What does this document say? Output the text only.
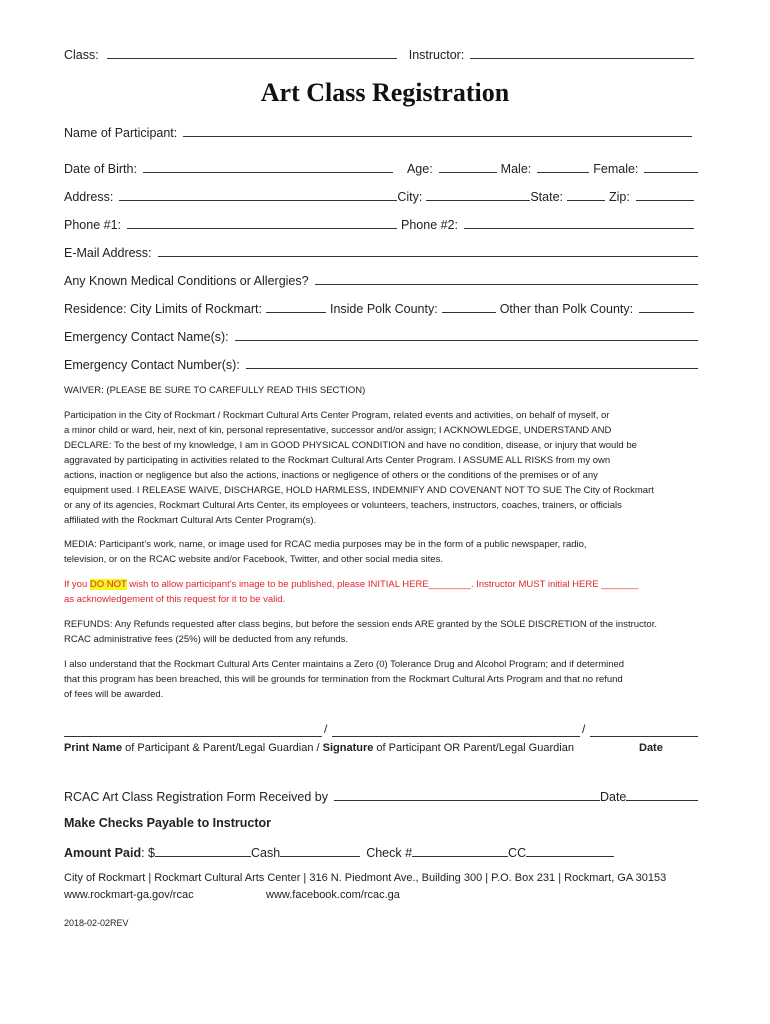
Class:	Instructor:
Art Class Registration
Name of Participant:
Date of Birth:	Age:	Male:	Female:
Address:	City:	State:	Zip:
Phone #1:	Phone #2:
E-Mail Address:
Any Known Medical Conditions or Allergies?
Residence: City Limits of Rockmart:	Inside Polk County:	Other than Polk County:
Emergency Contact Name(s):
Emergency Contact Number(s):
WAIVER: (PLEASE BE SURE TO CAREFULLY READ THIS SECTION)
Participation in the City of Rockmart / Rockmart Cultural Arts Center Program, related events and activities, on behalf of myself, or
a minor child or ward, heir, next of kin, personal representative, successor and/or assign; I ACKNOWLEDGE, UNDERSTAND AND
DECLARE: To the best of my knowledge, I am in GOOD PHYSICAL CONDITION and have no condition, disease, or injury that would be
aggravated by participating in activities related to the Rockmart Cultural Arts Center Program. I ASSUME ALL RISKS from my own
actions, inaction or negligence but also the actions, inactions or negligence of others or the conditions of the premises or of any
equipment used. I RELEASE WAIVE, DISCHARGE, HOLD HARMLESS, INDEMNIFY AND COVENANT NOT TO SUE The City of Rockmart
or any of its agencies, Rockmart Cultural Arts Center, its employees or volunteers, teachers, instructors, coaches, trainers, or officials
affiliated with the Rockmart Cultural Arts Center Program(s).
MEDIA: Participant’s work, name, or image used for RCAC media purposes may be in the form of a public newspaper, radio,
television, or on the RCAC website and/or Facebook, Twitter, and other social media sites.
If you DO NOT wish to allow participant’s image to be published, please INITIAL HERE________. Instructor MUST initial HERE _______
as acknowledgement of this request for it to be valid.
REFUNDS: Any Refunds requested after class begins, but before the session ends ARE granted by the SOLE DISCRETION of the instructor.
RCAC administrative fees (25%) will be deducted from any refunds.
I also understand that the Rockmart Cultural Arts Center maintains a Zero (0) Tolerance Drug and Alcohol Program; and if determined
that this program has been breached, this will be grounds for termination from the Rockmart Cultural Arts Program and that no refund
of fees will be awarded.
/	/
Print Name of Participant & Parent/Legal Guardian / Signature of Participant OR Parent/Legal Guardian	Date
RCAC Art Class Registration Form Received by	Date
Make Checks Payable to Instructor
Amount Paid : $	Cash	Check #	CC
City of Rockmart | Rockmart Cultural Arts Center | 316 N. Piedmont Ave., Building 300 | P.O. Box 231 | Rockmart, GA 30153
www.rockmart-ga.gov/rcac	www.facebook.com/rcac.ga
2018-02-02REV
